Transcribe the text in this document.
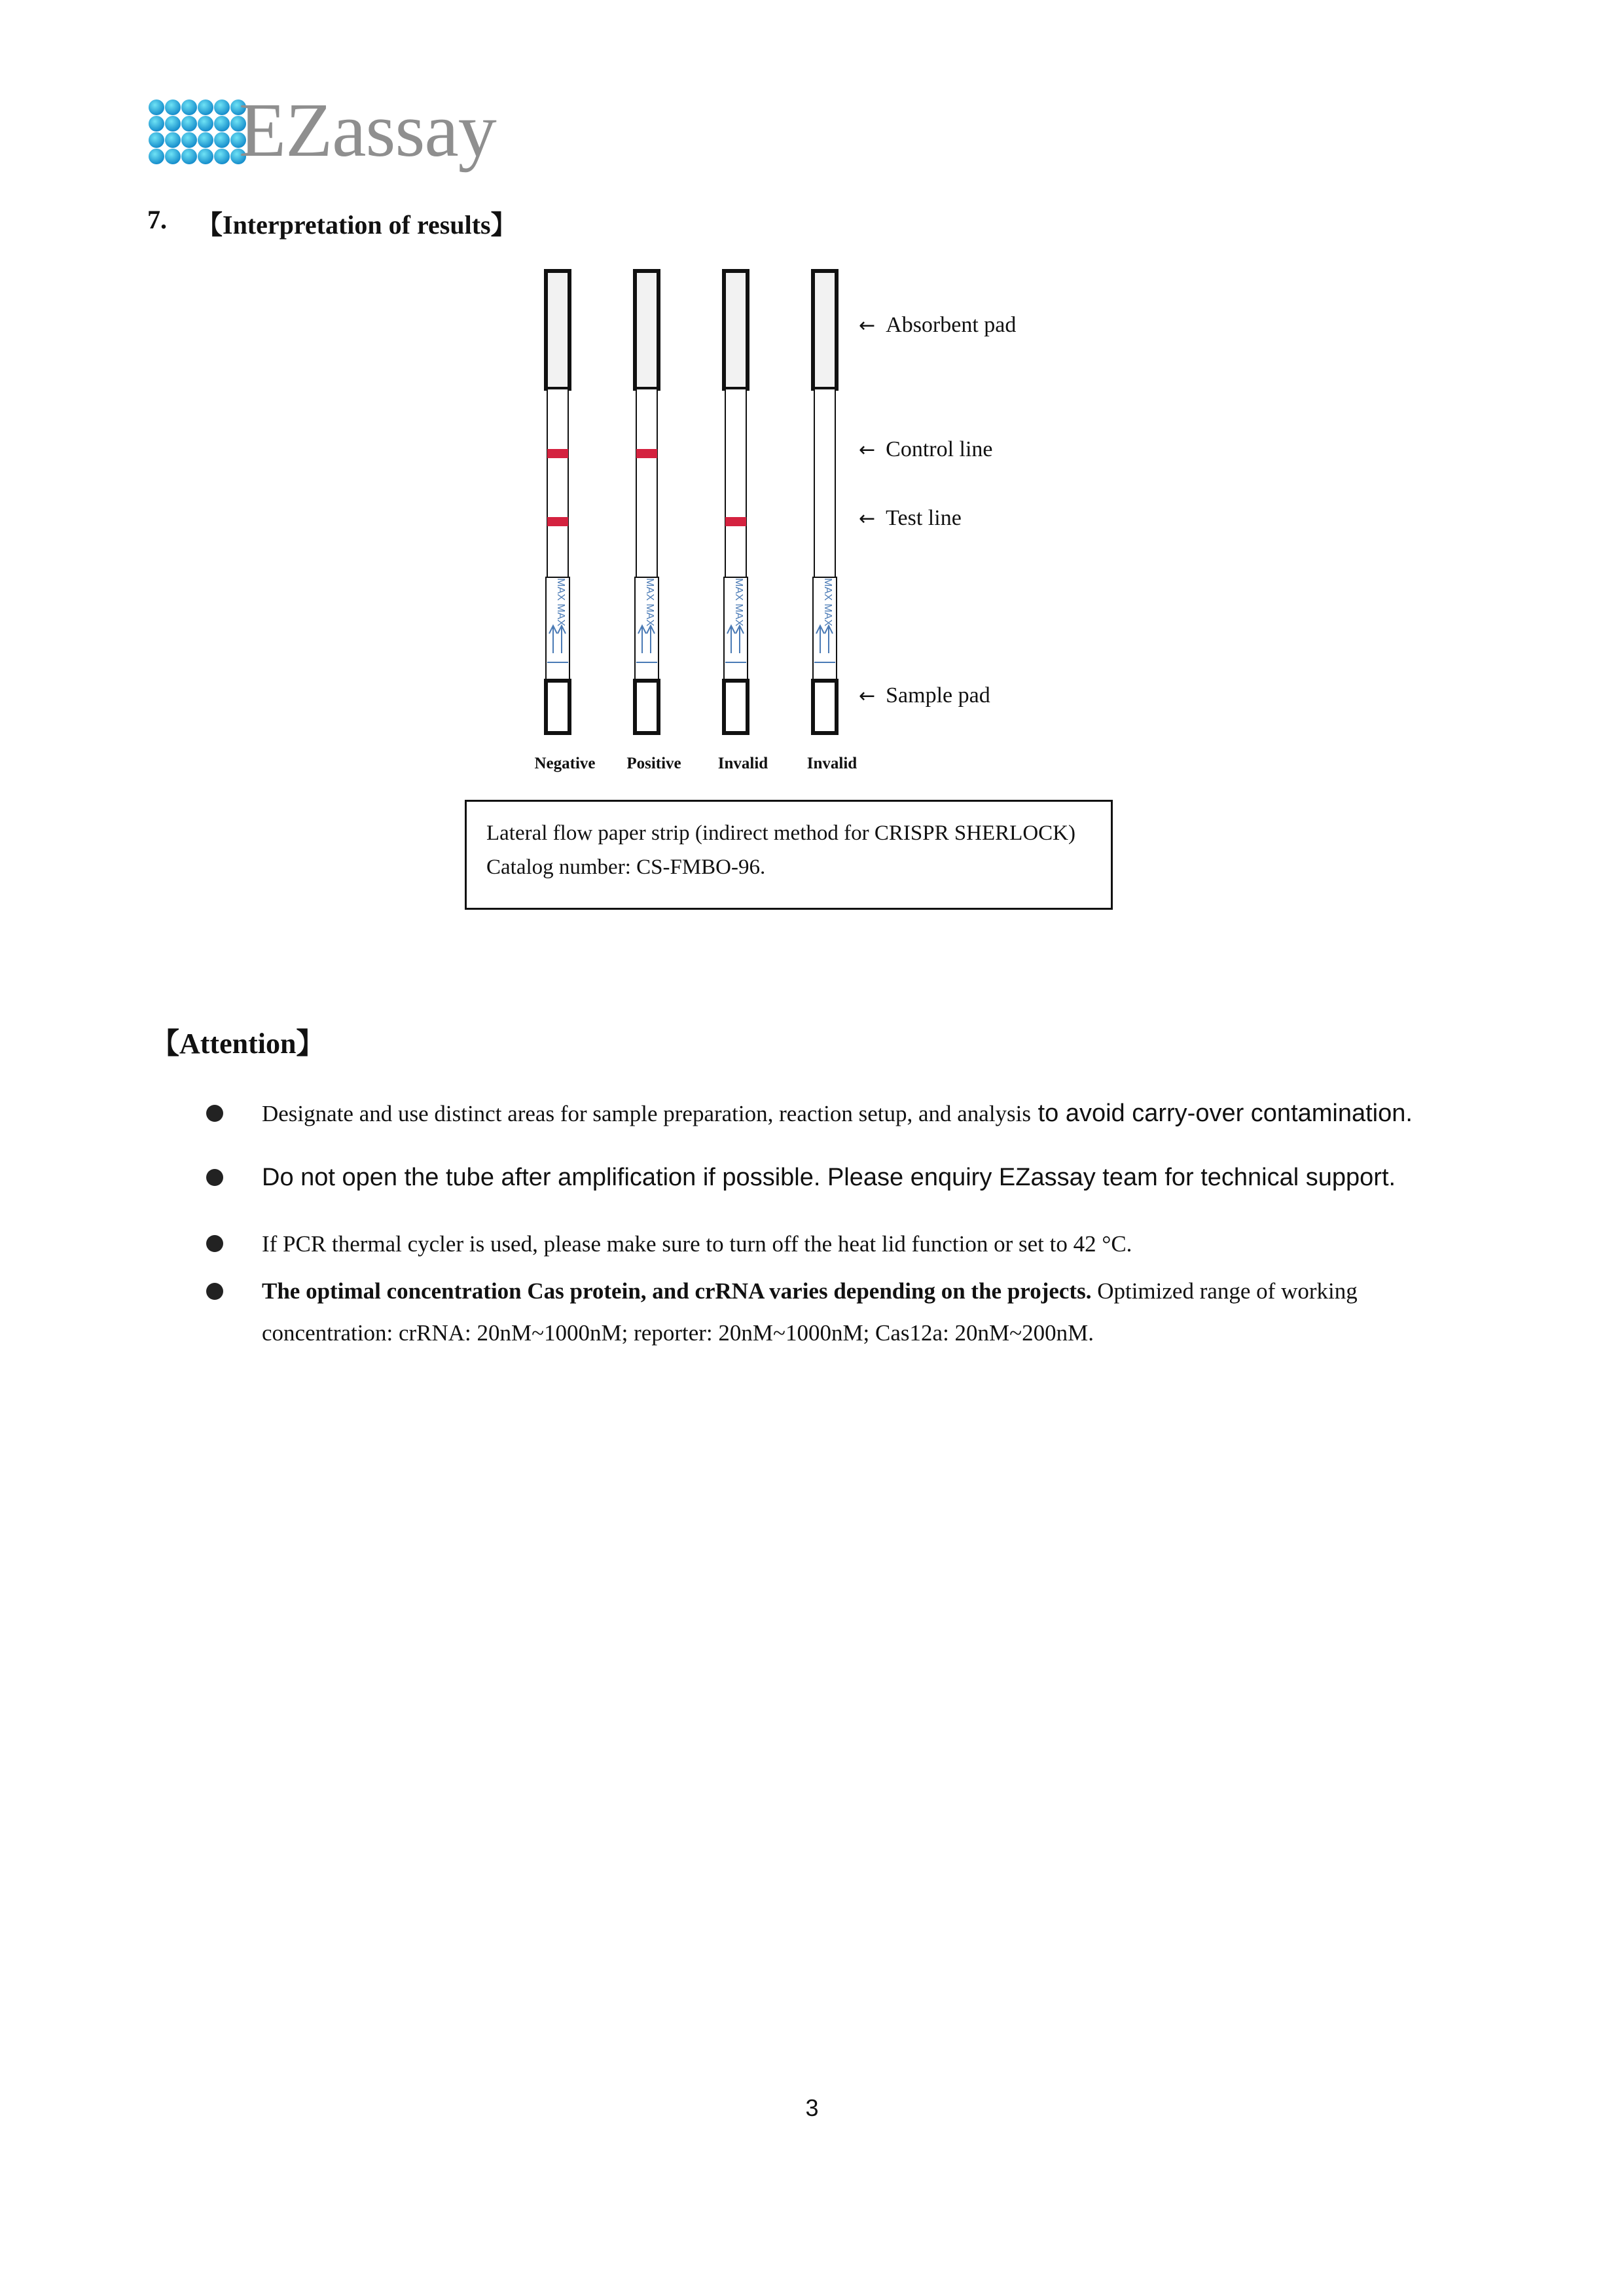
EZassay
7. 【Interpretation of results】
MAX MAX	MAX MAX	MAX MAX	MAX MAX
Negative	Positive	Invalid	Invalid
← Absorbent pad
← Control line
← Test line
← Sample pad
Lateral flow paper strip (indirect method for CRISPR SHERLOCK)
Catalog number: CS-FMBO-96.
【Attention】
Designate and use distinct areas for sample preparation, reaction setup, and analysis to avoid carry-over contamination.
Do not open the tube after amplification if possible. Please enquiry EZassay team for technical support.
If PCR thermal cycler is used, please make sure to turn off the heat lid function or set to 42 °C.
The optimal concentration Cas protein, and crRNA varies depending on the projects. Optimized range of working concentration: crRNA: 20nM~1000nM; reporter: 20nM~1000nM; Cas12a: 20nM~200nM.
3
